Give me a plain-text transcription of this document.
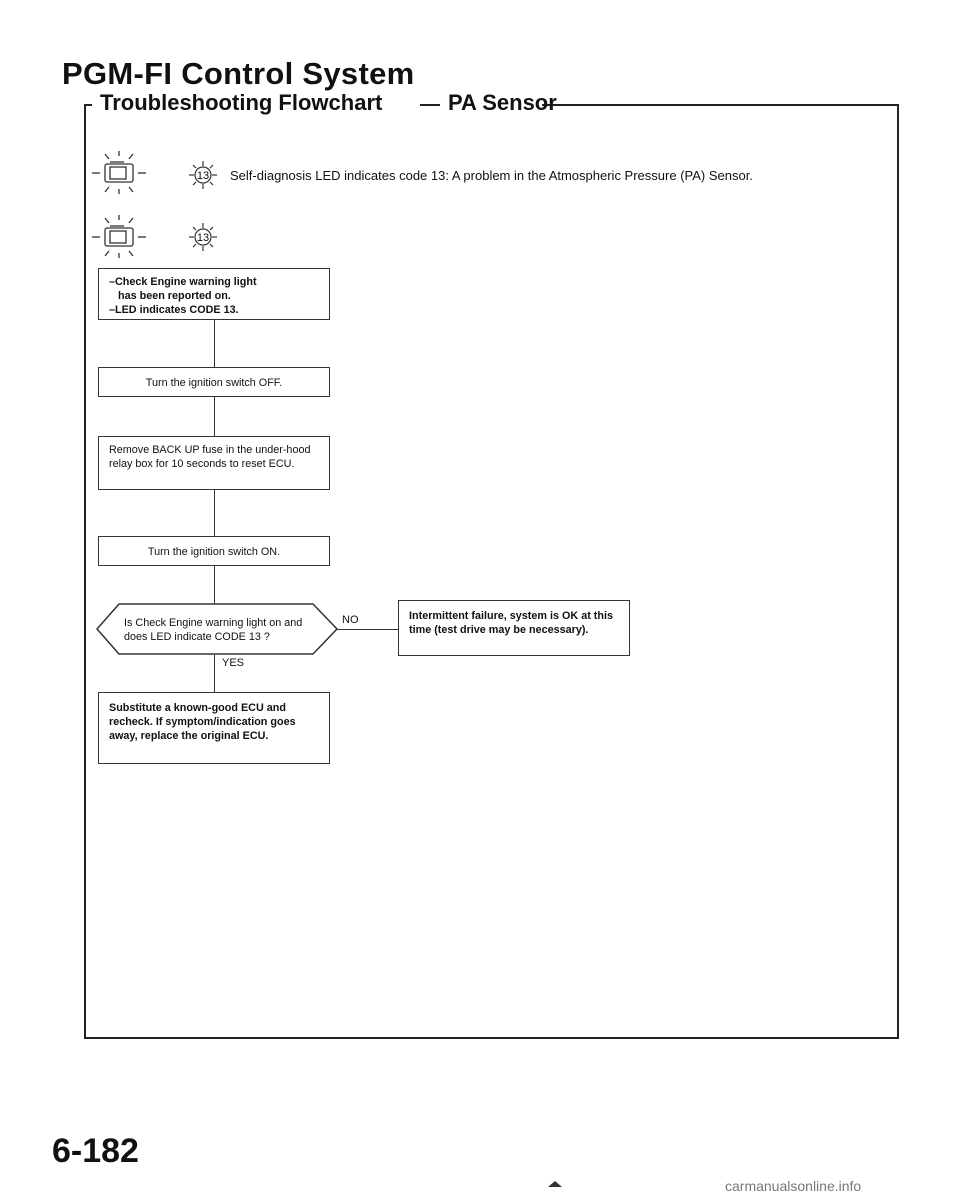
PGM-FI Control System
Troubleshooting Flowchart	PA Sensor
13 Self-diagnosis LED indicates code 13: A problem in the Atmospheric Pressure (PA) Sensor.
13
–Check Engine warning light
has been reported on.
–LED indicates CODE 13.
Turn the ignition switch OFF.
Remove BACK UP fuse in the under-hood relay box for 10 seconds to reset ECU.
Turn the ignition switch ON.
Is Check Engine warning light on and does LED indicate CODE 13 ?
NO
YES
Intermittent failure, system is OK at this time (test drive may be necessary).
Substitute a known-good ECU and recheck. If symptom/indication goes away, replace the original ECU.
6-182
carmanualsonline.info
